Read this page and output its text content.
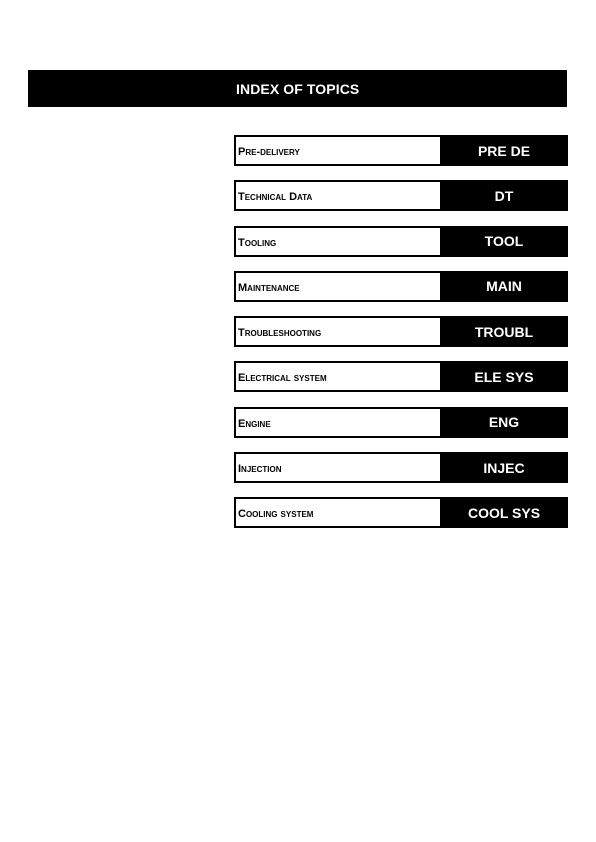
INDEX OF TOPICS
Pre-delivery	PRE DE
Technical Data	DT
Tooling	TOOL
Maintenance	MAIN
Troubleshooting	TROUBL
Electrical system	ELE SYS
Engine	ENG
Injection	INJEC
Cooling system	COOL SYS
